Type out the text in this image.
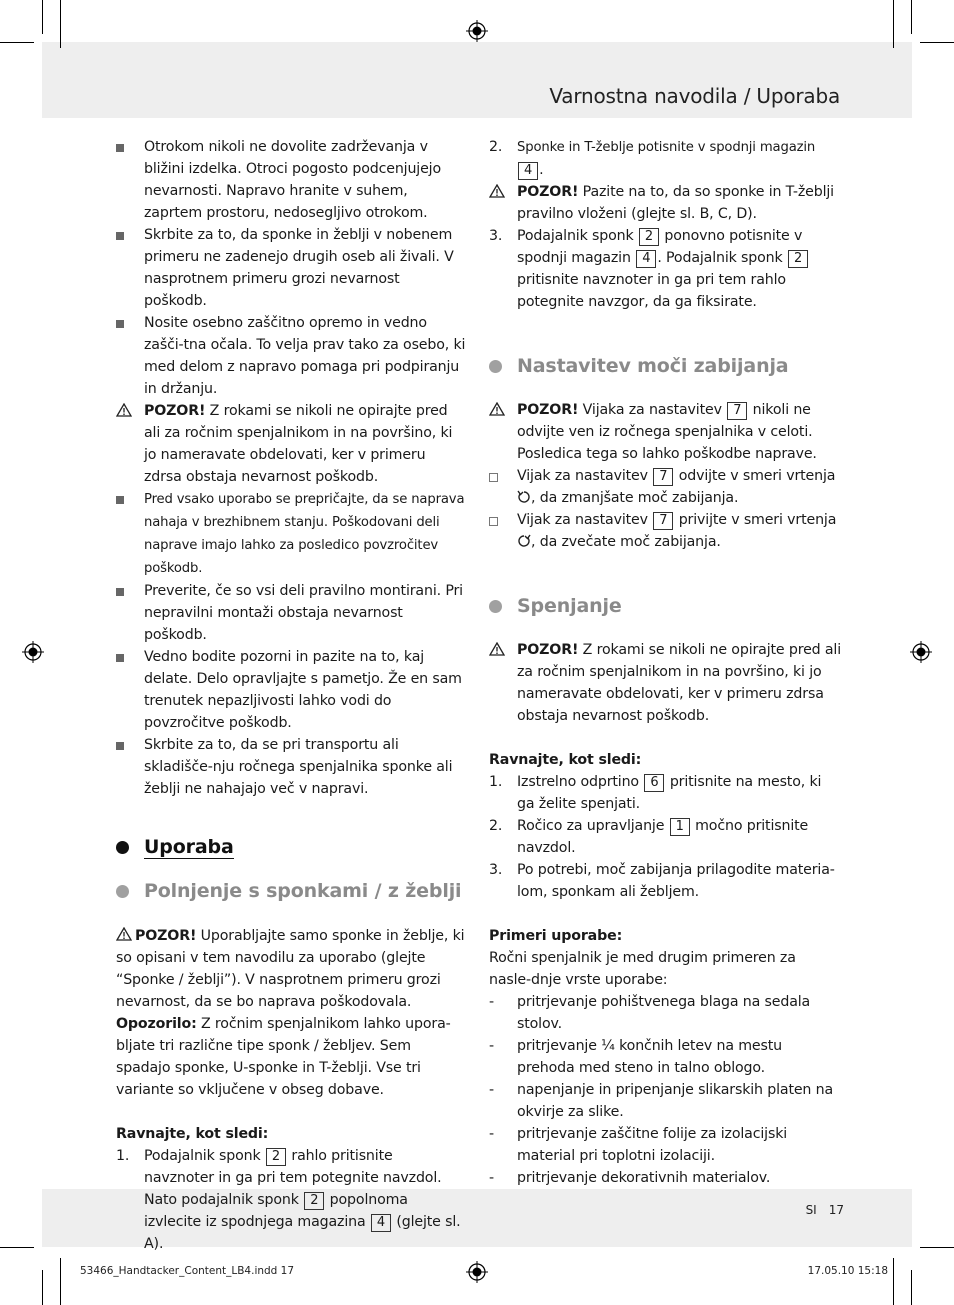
Varnostna navodila / Uporaba
SI 17
53466_Handtacker_Content_LB4.indd 17	17.05.10 15:18
Otrokom nikoli ne dovolite zadrževanja v bližini izdelka. Otroci pogosto podcenjujejo nevarnosti. Napravo hranite v suhem, zaprtem prostoru, nedosegljivo otrokom.
Skrbite za to, da sponke in žeblji v nobenem primeru ne zadenejo drugih oseb ali živali. V nasprotnem primeru grozi nevarnost poškodb.
Nosite osebno zaščitno opremo in vedno zašči-tna očala. To velja prav tako za osebo, ki med delom z napravo pomaga pri podpiranju in držanju.
POZOR! Z rokami se nikoli ne opirajte pred ali za ročnim spenjalnikom in na površino, ki jo nameravate obdelovati, ker v primeru zdrsa obstaja nevarnost poškodb.
Pred vsako uporabo se prepričajte, da se naprava nahaja v brezhibnem stanju. Poškodovani deli naprave imajo lahko za posledico povzročitev poškodb.
Preverite, če so vsi deli pravilno montirani. Pri nepravilni montaži obstaja nevarnost poškodb.
Vedno bodite pozorni in pazite na to, kaj delate. Delo opravljajte s pametjo. Že en sam trenutek nepazljivosti lahko vodi do povzročitve poškodb.
Skrbite za to, da se pri transportu ali skladišče-nju ročnega spenjalnika sponke ali žeblji ne nahajajo več v napravi.
Uporaba
Polnjenje s sponkami / z žeblji
POZOR! Uporabljajte samo sponke in žeblje, ki so opisani v tem navodilu za uporabo (glejte “Sponke / žeblji”). V nasprotnem primeru grozi nevarnost, da se bo naprava poškodovala.
Opozorilo: Z ročnim spenjalnikom lahko upora-bljate tri različne tipe sponk / žebljev. Sem spadajo sponke, U-sponke in T-žeblji. Vse tri variante so vključene v obseg dobave.
Ravnajte, kot sledi:
1.	Podajalnik sponk 2 rahlo pritisnite navznoter in ga pri tem potegnite navzdol. Nato podajalnik sponk 2 popolnoma izvlecite iz spodnjega magazina 4 (glejte sl. A).
2.	Sponke in T-žeblje potisnite v spodnji magazin 4 .
POZOR! Pazite na to, da so sponke in T-žeblji pravilno vloženi (glejte sl. B, C, D).
3.	Podajalnik sponk 2 ponovno potisnite v spodnji magazin 4 . Podajalnik sponk 2 pritisnite navznoter in ga pri tem rahlo potegnite navzgor, da ga fiksirate.
Nastavitev moči zabijanja
POZOR! Vijaka za nastavitev 7 nikoli ne odvijte ven iz ročnega spenjalnika v celoti. Posledica tega so lahko poškodbe naprave.
Vijak za nastavitev 7 odvijte v smeri vrtenja , da zmanjšate moč zabijanja.
Vijak za nastavitev 7 privijte v smeri vrtenja , da zvečate moč zabijanja.
Spenjanje
POZOR! Z rokami se nikoli ne opirajte pred ali za ročnim spenjalnikom in na površino, ki jo nameravate obdelovati, ker v primeru zdrsa obstaja nevarnost poškodb.
Ravnajte, kot sledi:
1.	Izstrelno odprtino 6 pritisnite na mesto, ki ga želite spenjati.
2.	Ročico za upravljanje 1 močno pritisnite navzdol.
3.	Po potrebi, moč zabijanja prilagodite materia-lom, sponkam ali žebljem.
Primeri uporabe:
Ročni spenjalnik je med drugim primeren za nasle-dnje vrste uporabe:
-	pritrjevanje pohištvenega blaga na sedala stolov.
-	pritrjevanje ¼ končnih letev na mestu prehoda med steno in talno oblogo.
-	napenjanje in pripenjanje slikarskih platen na okvirje za slike.
-	pritrjevanje zaščitne folije za izolacijski material pri toplotni izolaciji.
-	pritrjevanje dekorativnih materialov.
